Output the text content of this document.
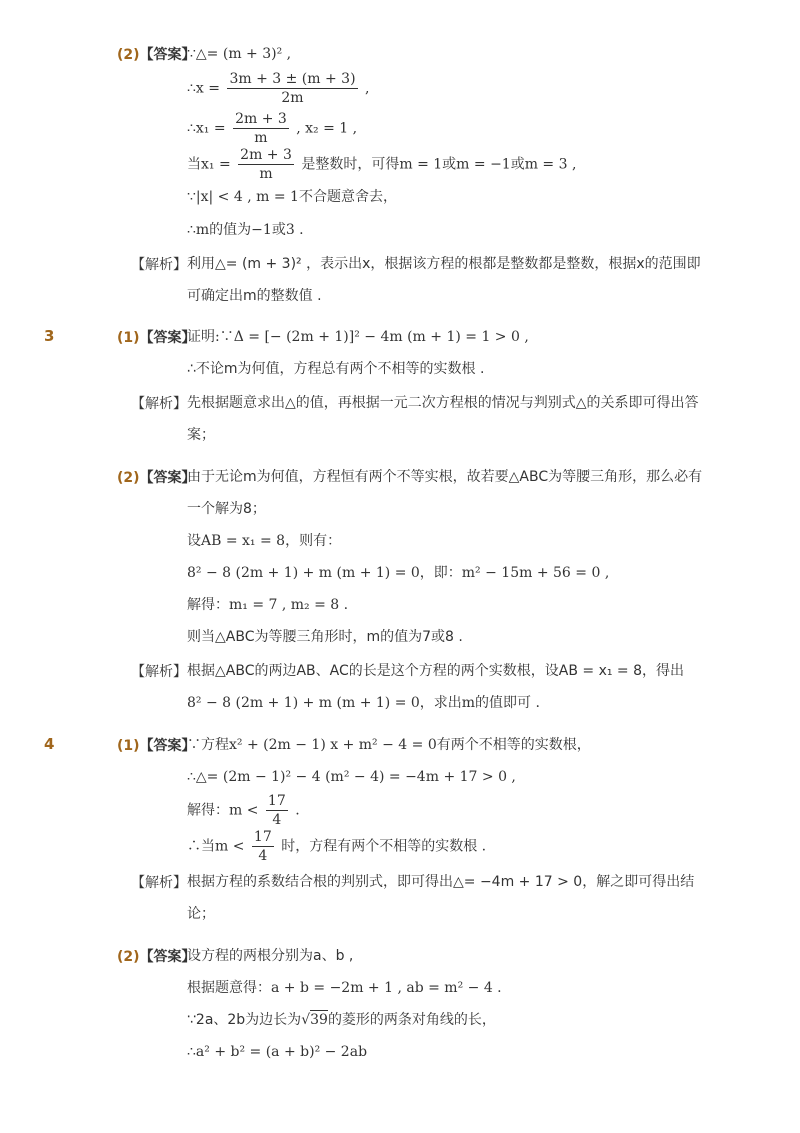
(2)【答案】
∵△= (m + 3)² ,
∴x = $\frac{3m + 3 \pm (m + 3)}{2m}$ ,
∴x₁ = $\frac{2m + 3}{m}$ , x₂ = 1 ,
当$x_1 = \frac{2m + 3}{m}$ 是整数时，可得m = 1或m = −1或m = 3 ,
∵|x| < 4 , m = 1不合题意舍去，
∴m的值为−1或3 .
【解析】 利用△= (m + 3)² ，表示出x，根据该方程的根都是整数都是整数，根据x的范围即
可确定出m的整数值 .
3	(1)【答案】
证明:∵Δ = [− (2m + 1)]² − 4m (m + 1) = 1 > 0 ,
∴不论m为何值，方程总有两个不相等的实数根 .
【解析】 先根据题意求出△的值，再根据一元二次方程根的情况与判别式△的关系即可得出答
案；
(2)【答案】
由于无论m为何值，方程恒有两个不等实根，故若要△ABC为等腰三角形，那么必有
一个解为8；
设AB = x₁ = 8，则有：
8² − 8 (2m + 1) + m (m + 1) = 0，即：m² − 15m + 56 = 0 ,
解得：m₁ = 7 , m₂ = 8 .
则当△ABC为等腰三角形时，m的值为7或8 .
【解析】 根据△ABC的两边AB、AC的长是这个方程的两个实数根，设AB = x₁ = 8，得出
8² − 8 (2m + 1) + m (m + 1) = 0，求出m的值即可 .
4	(1)【答案】
∵方程x² + (2m − 1) x + m² − 4 = 0有两个不相等的实数根，
∴△= (2m − 1)² − 4 (m² − 4) = −4m + 17 > 0 ,
解得：$m < \frac{17}{4}$ .
∴当$m < \frac{17}{4}$ 时，方程有两个不相等的实数根 .
【解析】 根据方程的系数结合根的判别式，即可得出△= −4m + 17 > 0，解之即可得出结
论；
(2)【答案】
设方程的两根分别为a、b ,
根据题意得：a + b = −2m + 1 , ab = m² − 4 .
∵2a、2b为边长为√39的菱形的两条对角线的长，
∴a² + b² = (a + b)² − 2ab
